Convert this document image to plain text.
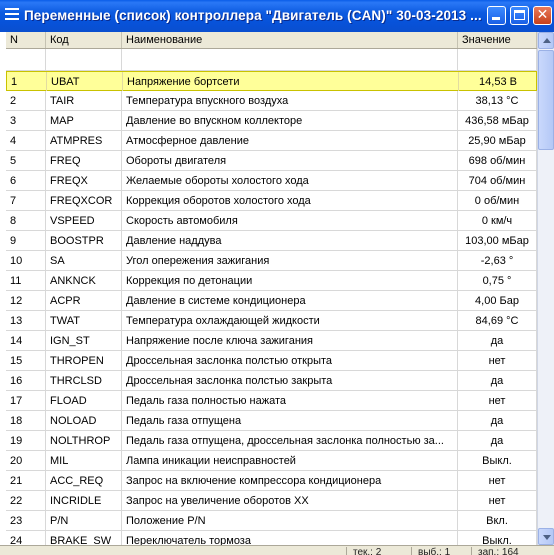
Переменные (список) контроллера "Двигатель (CAN)" 30-03-2013 ...	✕
N	Код	Наименование	Значение
1	UBAT	Напряжение бортсети	14,53 В
2	TAIR	Температура впускного воздуха	38,13 °C
3	MAP	Давление во впускном коллекторе	436,58 мБар
4	ATMPRES	Атмосферное давление	25,90 мБар
5	FREQ	Обороты двигателя	698 об/мин
6	FREQX	Желаемые обороты холостого хода	704 об/мин
7	FREQXCOR	Коррекция оборотов холостого хода	0 об/мин
8	VSPEED	Скорость автомобиля	0 км/ч
9	BOOSTPR	Давление наддува	103,00 мБар
10	SA	Угол опережения зажигания	-2,63 °
11	ANKNCK	Коррекция по детонации	0,75 °
12	ACPR	Давление в системе кондиционера	4,00 Бар
13	TWAT	Температура охлаждающей жидкости	84,69 °C
14	IGN_ST	Напряжение после ключа зажигания	да
15	THROPEN	Дроссельная заслонка полстью открыта	нет
16	THRCLSD	Дроссельная заслонка полстью закрыта	да
17	FLOAD	Педаль газа полностью нажата	нет
18	NOLOAD	Педаль газа отпущена	да
19	NOLTHROP	Педаль газа отпущена, дроссельная заслонка полностью за...	да
20	MIL	Лампа иникации неисправностей	Выкл.
21	ACC_REQ	Запрос на включение компрессора кондиционера	нет
22	INCRIDLE	Запрос на увеличение оборотов ХХ	нет
23	P/N	Положение P/N	Вкл.
24	BRAKE_SW	Переключатель тормоза	Выкл.
тек.: 2	выб.: 1	зап.: 164
